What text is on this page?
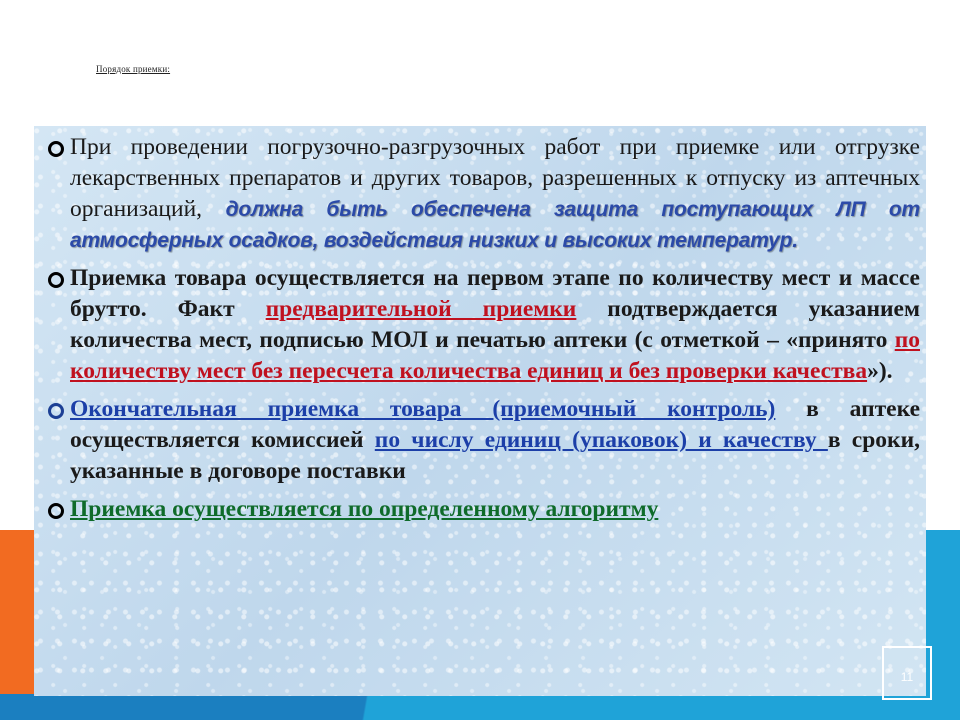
Порядок приемки:
При проведении погрузочно-разгрузочных работ при приемке или отгрузке лекарственных препаратов и других товаров, разрешенных к отпуску из аптечных организаций, должна быть обеспечена защита поступающих ЛП от атмосферных осадков, воздействия низких и высоких температур.
Приемка товара осуществляется на первом этапе по количеству мест и массе брутто. Факт предварительной приемки подтверждается указанием количества мест, подписью МОЛ и печатью аптеки (с отметкой – «принято по количеству мест без пересчета количества единиц и без проверки качества»).
Окончательная приемка товара (приемочный контроль) в аптеке осуществляется комиссией по числу единиц (упаковок) и качеству в сроки, указанные в договоре поставки
Приемка осуществляется по определенному алгоритму
11
